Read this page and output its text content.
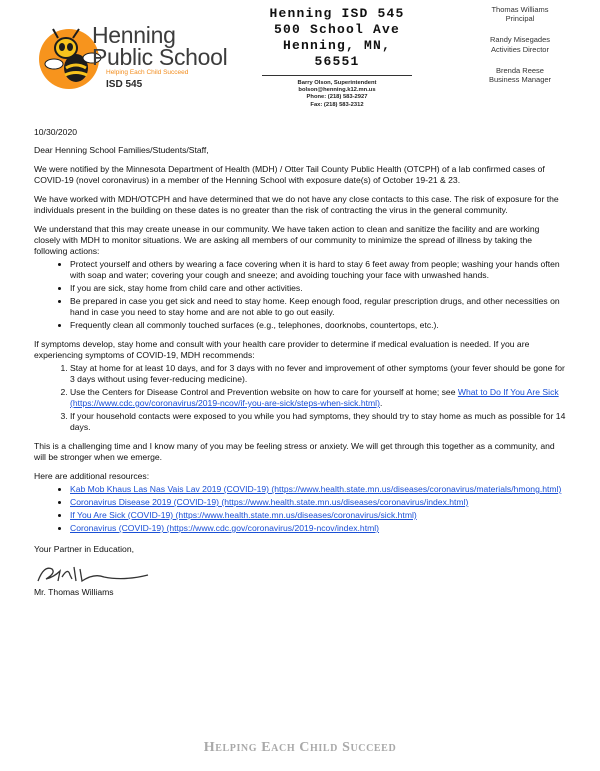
Henning
Public School
Helping Each Child Succeed
ISD 545
Henning ISD 545
500 School Ave
Henning, MN, 56551
Barry Olson, Superintendent
bolson@henning.k12.mn.us
Phone: (218) 583-2927
Fax: (218) 583-2312
Thomas Williams
Principal
Randy Misegades
Activities Director
Brenda Reese
Business Manager

10/30/2020

Dear Henning School Families/Students/Staff,

We were notified by the Minnesota Department of Health (MDH) / Otter Tail County Public Health (OTCPH) of a lab confirmed cases of COVID-19 (novel coronavirus) in a member of the Henning School with exposure date(s) of October 19-21 & 23.

We have worked with MDH/OTCPH and have determined that we do not have any close contacts to this case. The risk of exposure for the individuals present in the building on these dates is no greater than the risk of contracting the virus in the general community.

We understand that this may create unease in our community. We have taken action to clean and sanitize the facility and are working closely with MDH to monitor situations. We are asking all members of our community to minimize the spread of illness by taking the following actions:

• Protect yourself and others by wearing a face covering when it is hard to stay 6 feet away from people; washing your hands often with soap and water; covering your cough and sneeze; and avoiding touching your face with unwashed hands.
• If you are sick, stay home from child care and other activities.
• Be prepared in case you get sick and need to stay home. Keep enough food, regular prescription drugs, and other necessities on hand in case you need to stay home and are not able to go out easily.
• Frequently clean all commonly touched surfaces (e.g., telephones, doorknobs, countertops, etc.).

If symptoms develop, stay home and consult with your health care provider to determine if medical evaluation is needed. If you are experiencing symptoms of COVID-19, MDH recommends:

1. Stay at home for at least 10 days, and for 3 days with no fever and improvement of other symptoms (your fever should be gone for 3 days without using fever-reducing medicine).
2. Use the Centers for Disease Control and Prevention website on how to care for yourself at home; see What to Do If You Are Sick (https://www.cdc.gov/coronavirus/2019-ncov/if-you-are-sick/steps-when-sick.html).
3. If your household contacts were exposed to you while you had symptoms, they should try to stay home as much as possible for 14 days.

This is a challenging time and I know many of you may be feeling stress or anxiety. We will get through this together as a community, and will be stronger when we emerge.

Here are additional resources:

• Kab Mob Khaus Las Nas Vais Lav 2019 (COVID-19) (https://www.health.state.mn.us/diseases/coronavirus/materials/hmong.html)
• Coronavirus Disease 2019 (COVID-19) (https://www.health.state.mn.us/diseases/coronavirus/index.html)
• If You Are Sick (COVID-19) (https://www.health.state.mn.us/diseases/coronavirus/sick.html)
• Coronavirus (COVID-19) (https://www.cdc.gov/coronavirus/2019-ncov/index.html)

Your Partner in Education,

Mr. Thomas Williams

Helping Each Child Succeed
